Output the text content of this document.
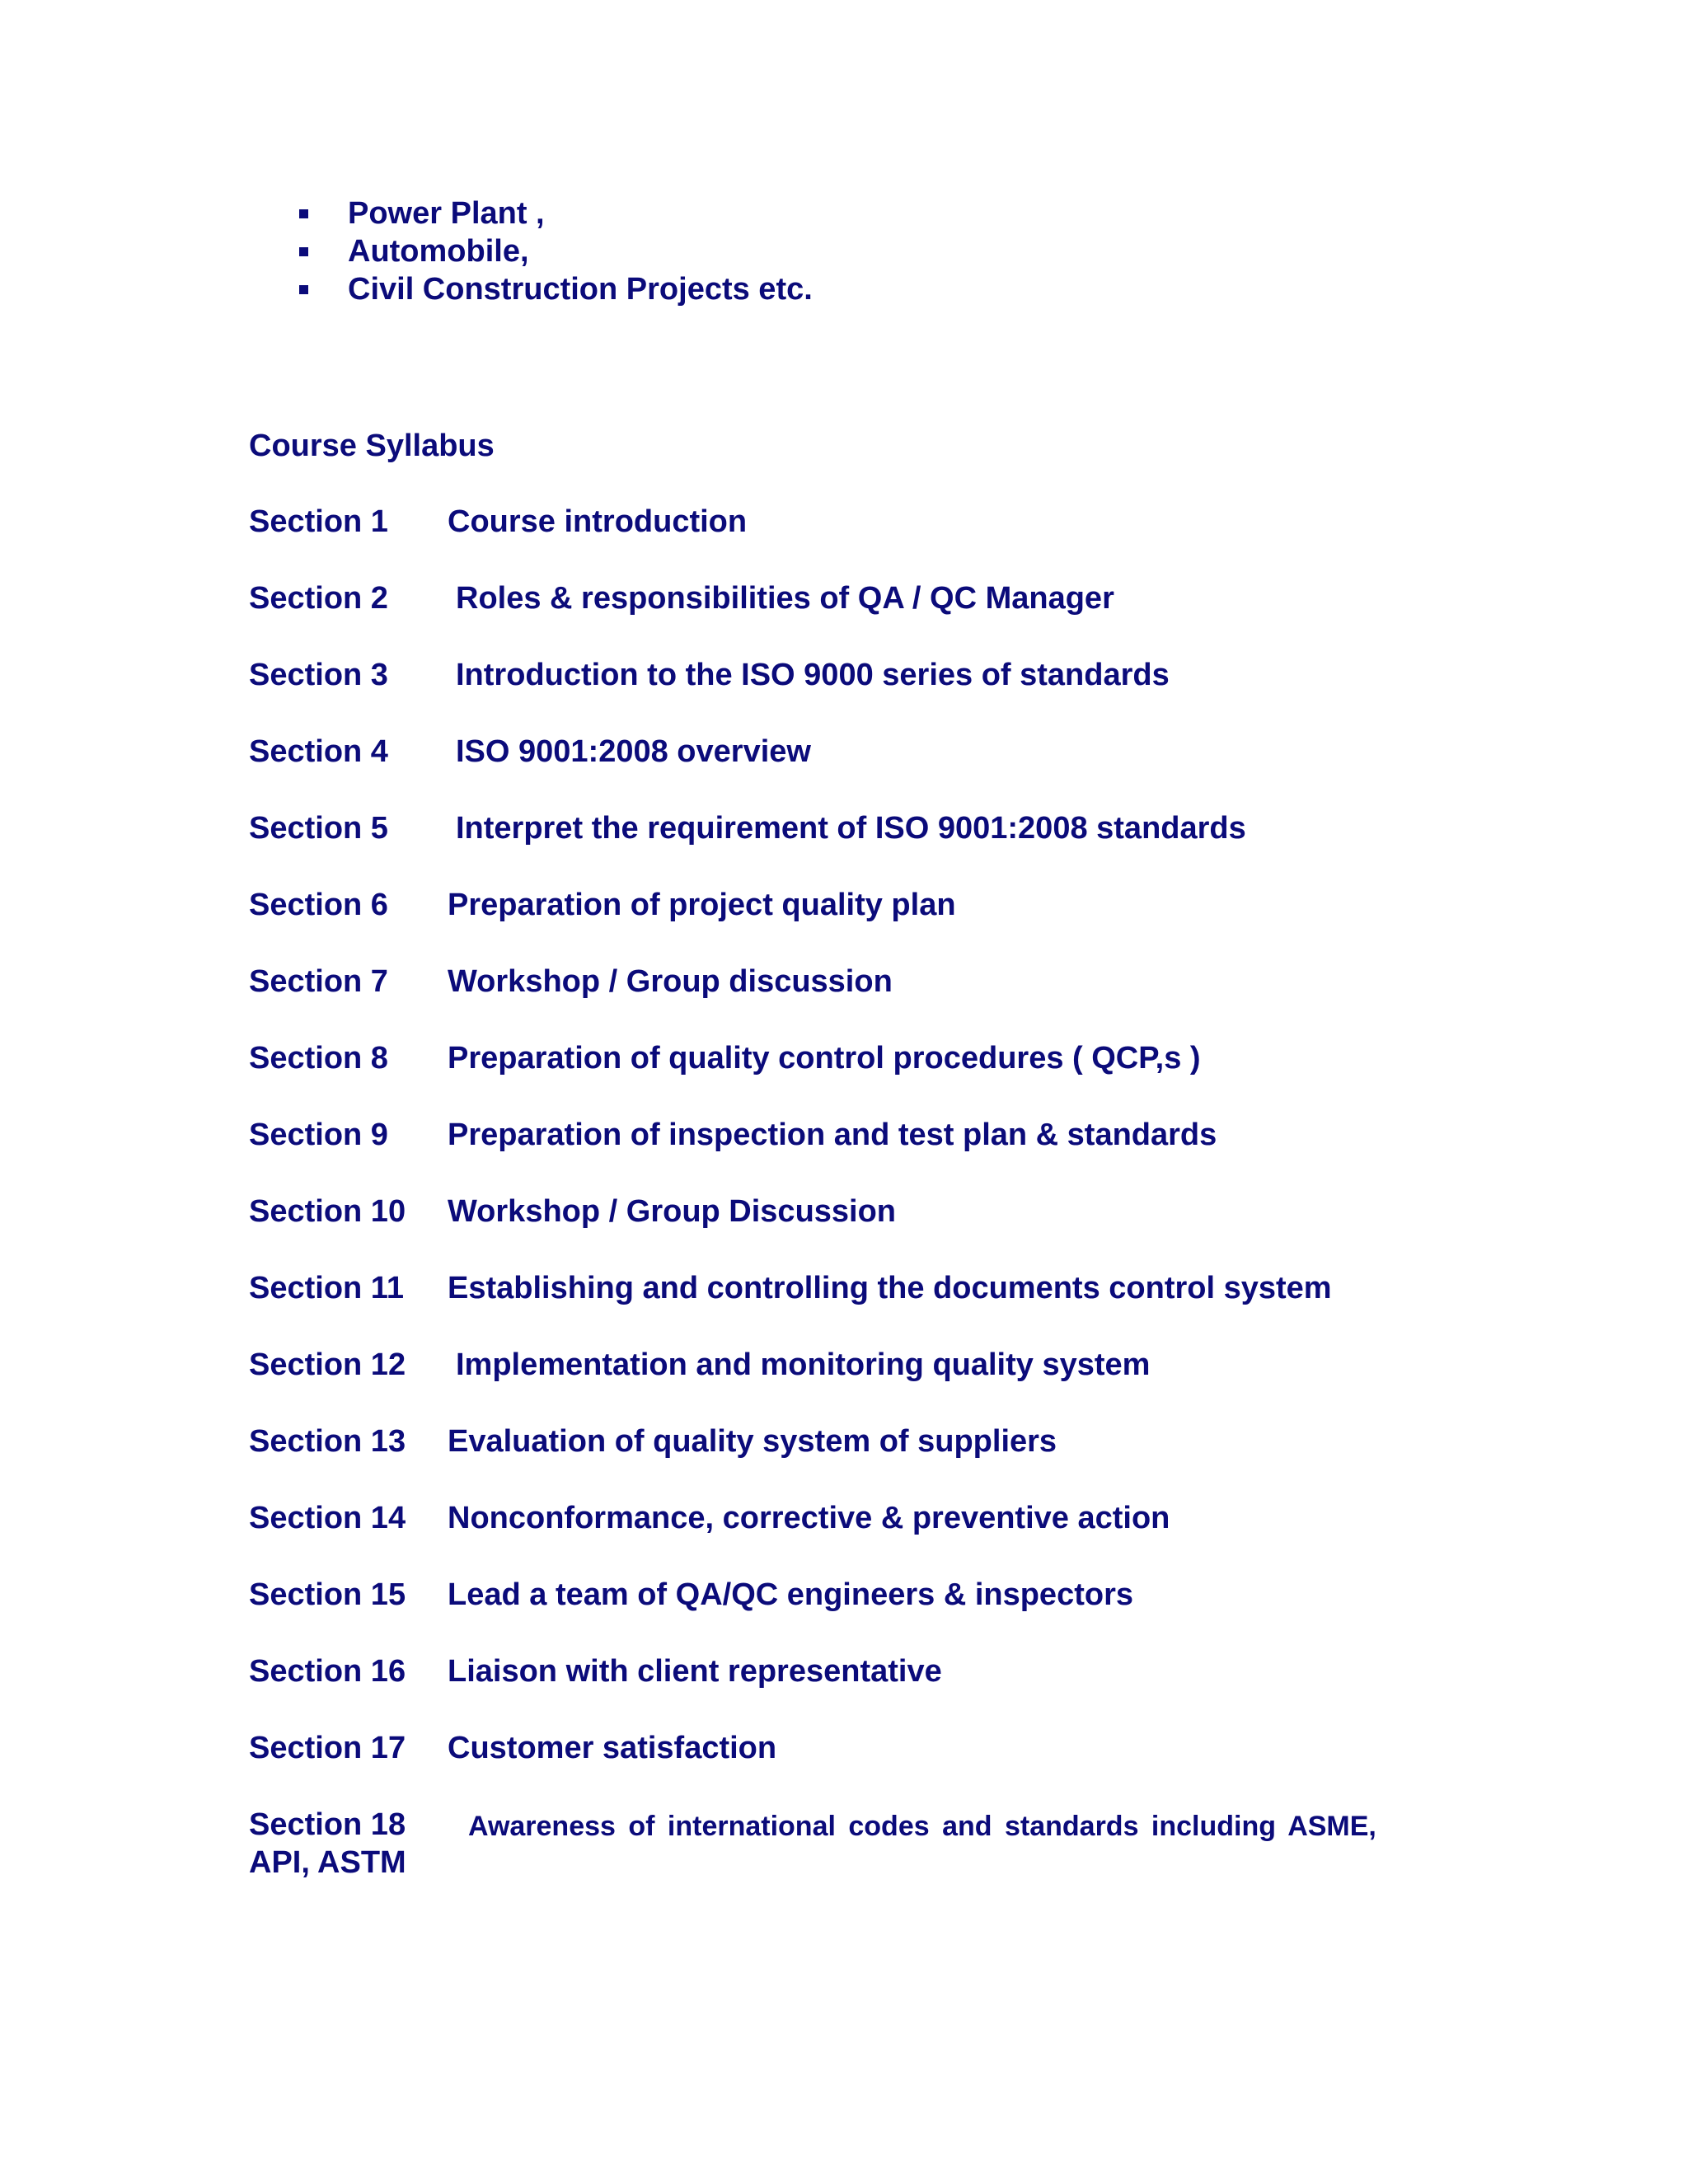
Power Plant ,
Automobile,
Civil Construction Projects etc.
Course Syllabus
Section 1 Course introduction
Section 2 Roles & responsibilities of QA / QC Manager
Section 3 Introduction to the ISO 9000 series of standards
Section 4 ISO 9001:2008 overview
Section 5 Interpret the requirement of ISO 9001:2008 standards
Section 6 Preparation of project quality plan
Section 7 Workshop / Group discussion
Section 8 Preparation of quality control procedures ( QCP,s )
Section 9 Preparation of inspection and test plan & standards
Section 10 Workshop / Group Discussion
Section 11 Establishing and controlling the documents control system
Section 12 Implementation and monitoring quality system
Section 13 Evaluation of quality system of suppliers
Section 14 Nonconformance, corrective & preventive action
Section 15 Lead a team of QA/QC engineers & inspectors
Section 16 Liaison with client representative
Section 17 Customer satisfaction
Section 18 Awareness of international codes and standards including ASME,
API, ASTM
